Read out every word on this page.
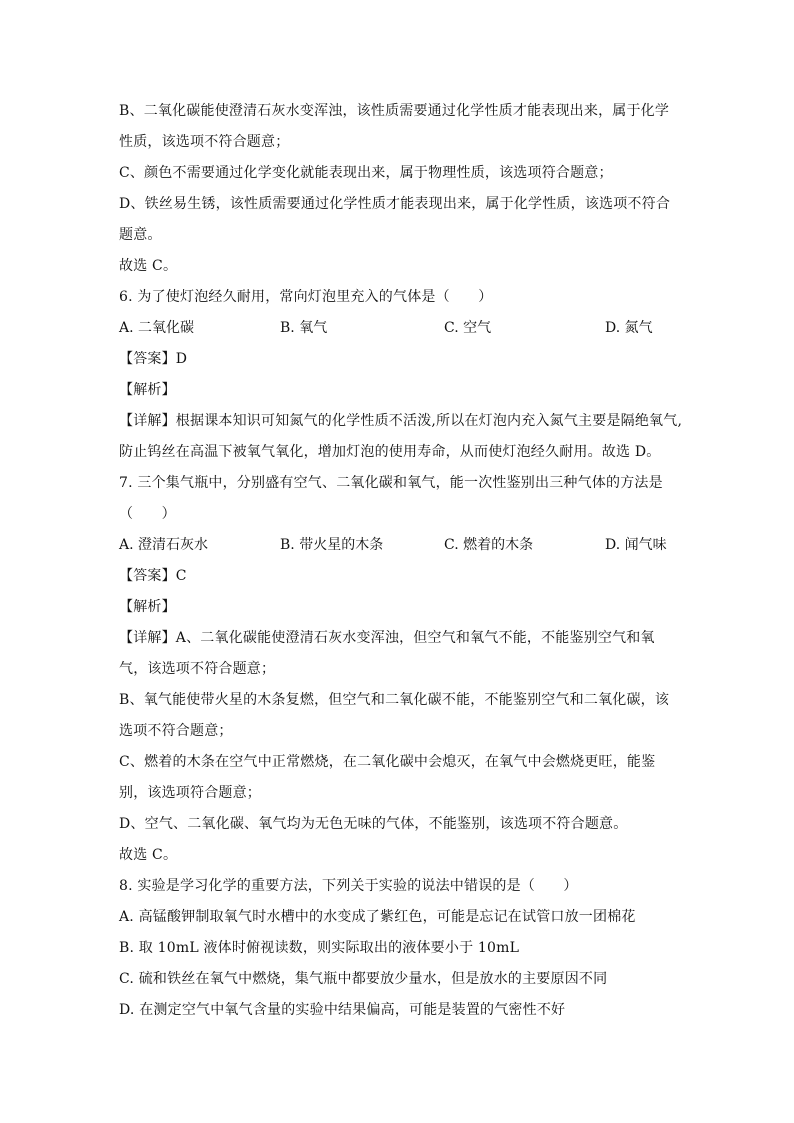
B、二氧化碳能使澄清石灰水变浑浊，该性质需要通过化学性质才能表现出来，属于化学
性质，该选项不符合题意；
C、颜色不需要通过化学变化就能表现出来，属于物理性质，该选项符合题意；
D、铁丝易生锈，该性质需要通过化学性质才能表现出来，属于化学性质，该选项不符合
题意。
故选 C。
6. 为了使灯泡经久耐用，常向灯泡里充入的气体是（　　）
A. 二氧化碳	B. 氧气	C. 空气	D. 氮气
【答案】D
【解析】
【详解】根据课本知识可知氮气的化学性质不活泼,所以在灯泡内充入氮气主要是隔绝氧气,
防止钨丝在高温下被氧气氧化，增加灯泡的使用寿命，从而使灯泡经久耐用。故选 D。
7. 三个集气瓶中，分别盛有空气、二氧化碳和氧气，能一次性鉴别出三种气体的方法是
（　　）
A. 澄清石灰水	B. 带火星的木条	C. 燃着的木条	D. 闻气味
【答案】C
【解析】
【详解】A、二氧化碳能使澄清石灰水变浑浊，但空气和氧气不能，不能鉴别空气和氧
气，该选项不符合题意；
B、氧气能使带火星的木条复燃，但空气和二氧化碳不能，不能鉴别空气和二氧化碳，该
选项不符合题意；
C、燃着的木条在空气中正常燃烧，在二氧化碳中会熄灭，在氧气中会燃烧更旺，能鉴
别，该选项符合题意；
D、空气、二氧化碳、氧气均为无色无味的气体，不能鉴别，该选项不符合题意。
故选 C。
8. 实验是学习化学的重要方法，下列关于实验的说法中错误的是（　　）
A. 高锰酸钾制取氧气时水槽中的水变成了紫红色，可能是忘记在试管口放一团棉花
B. 取 10mL 液体时俯视读数，则实际取出的液体要小于 10mL
C. 硫和铁丝在氧气中燃烧，集气瓶中都要放少量水，但是放水的主要原因不同
D. 在测定空气中氧气含量的实验中结果偏高，可能是装置的气密性不好
